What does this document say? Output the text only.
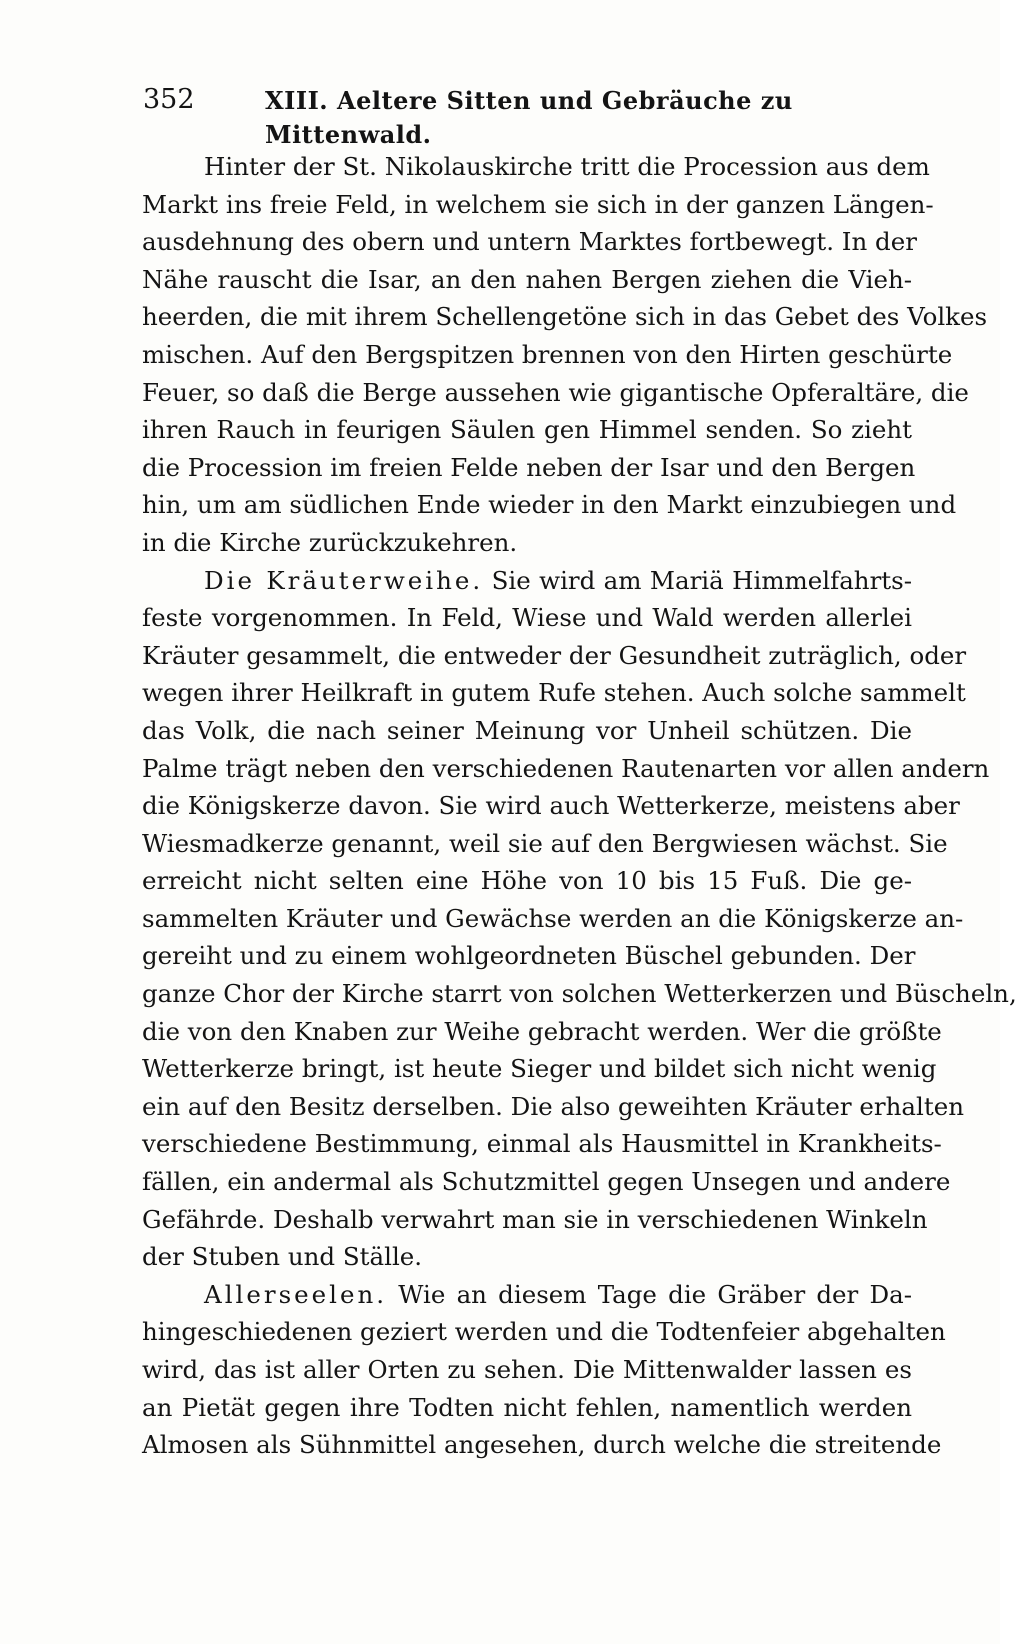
352	XIII. Aeltere Sitten und Gebräuche zu Mittenwald.
Hinter der St. Nikolauskirche tritt die Procession aus dem
Markt ins freie Feld, in welchem sie sich in der ganzen Längen-
ausdehnung des obern und untern Marktes fortbewegt. In der
Nähe rauscht die Isar, an den nahen Bergen ziehen die Vieh-
heerden, die mit ihrem Schellengetöne sich in das Gebet des Volkes
mischen. Auf den Bergspitzen brennen von den Hirten geschürte
Feuer, so daß die Berge aussehen wie gigantische Opferaltäre, die
ihren Rauch in feurigen Säulen gen Himmel senden. So zieht
die Procession im freien Felde neben der Isar und den Bergen
hin, um am südlichen Ende wieder in den Markt einzubiegen und
in die Kirche zurückzukehren.
Die Kräuterweihe. Sie wird am Mariä Himmelfahrts-
feste vorgenommen. In Feld, Wiese und Wald werden allerlei
Kräuter gesammelt, die entweder der Gesundheit zuträglich, oder
wegen ihrer Heilkraft in gutem Rufe stehen. Auch solche sammelt
das Volk, die nach seiner Meinung vor Unheil schützen. Die
Palme trägt neben den verschiedenen Rautenarten vor allen andern
die Königskerze davon. Sie wird auch Wetterkerze, meistens aber
Wiesmadkerze genannt, weil sie auf den Bergwiesen wächst. Sie
erreicht nicht selten eine Höhe von 10 bis 15 Fuß. Die ge-
sammelten Kräuter und Gewächse werden an die Königskerze an-
gereiht und zu einem wohlgeordneten Büschel gebunden. Der
ganze Chor der Kirche starrt von solchen Wetterkerzen und Büscheln,
die von den Knaben zur Weihe gebracht werden. Wer die größte
Wetterkerze bringt, ist heute Sieger und bildet sich nicht wenig
ein auf den Besitz derselben. Die also geweihten Kräuter erhalten
verschiedene Bestimmung, einmal als Hausmittel in Krankheits-
fällen, ein andermal als Schutzmittel gegen Unsegen und andere
Gefährde. Deshalb verwahrt man sie in verschiedenen Winkeln
der Stuben und Ställe.
Allerseelen. Wie an diesem Tage die Gräber der Da-
hingeschiedenen geziert werden und die Todtenfeier abgehalten
wird, das ist aller Orten zu sehen. Die Mittenwalder lassen es
an Pietät gegen ihre Todten nicht fehlen, namentlich werden
Almosen als Sühnmittel angesehen, durch welche die streitende
